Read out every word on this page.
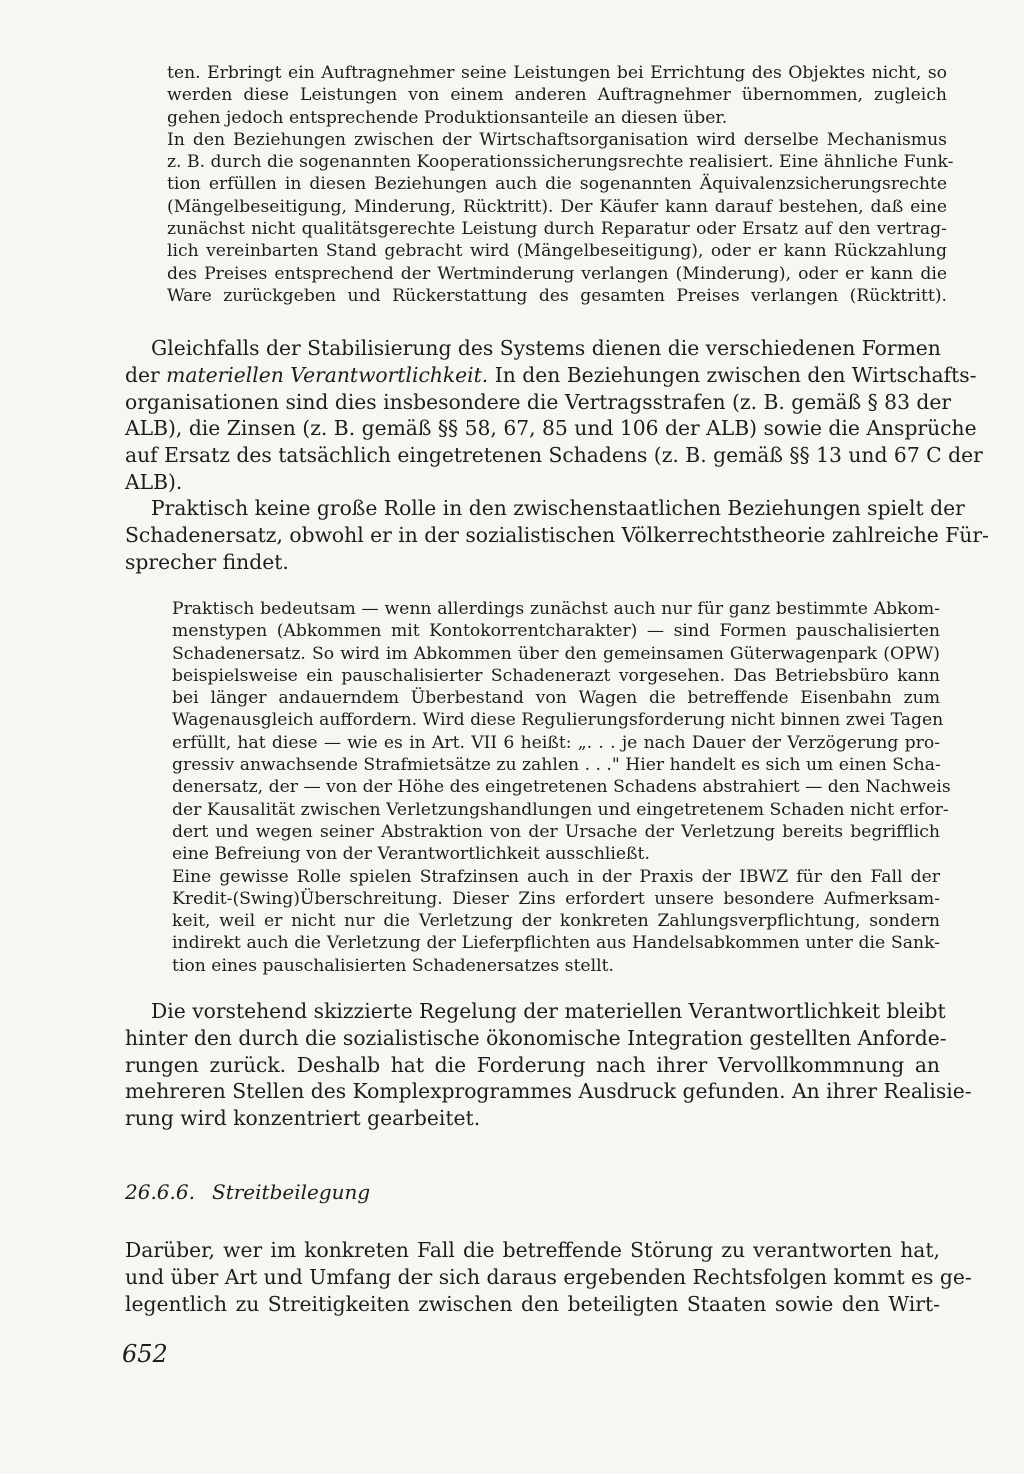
ten. Erbringt ein Auftragnehmer seine Leistungen bei Errichtung des Objektes nicht, so
werden diese Leistungen von einem anderen Auftragnehmer übernommen, zugleich
gehen jedoch entsprechende Produktionsanteile an diesen über.
In den Beziehungen zwischen der Wirtschaftsorganisation wird derselbe Mechanismus
z. B. durch die sogenannten Kooperationssicherungsrechte realisiert. Eine ähnliche Funk-
tion erfüllen in diesen Beziehungen auch die sogenannten Äquivalenzsicherungsrechte
(Mängelbeseitigung, Minderung, Rücktritt). Der Käufer kann darauf bestehen, daß eine
zunächst nicht qualitätsgerechte Leistung durch Reparatur oder Ersatz auf den vertrag-
lich vereinbarten Stand gebracht wird (Mängelbeseitigung), oder er kann Rückzahlung
des Preises entsprechend der Wertminderung verlangen (Minderung), oder er kann die
Ware zurückgeben und Rückerstattung des gesamten Preises verlangen (Rücktritt).
Gleichfalls der Stabilisierung des Systems dienen die verschiedenen Formen
der materiellen Verantwortlichkeit. In den Beziehungen zwischen den Wirtschafts-
organisationen sind dies insbesondere die Vertragsstrafen (z. B. gemäß § 83 der
ALB), die Zinsen (z. B. gemäß §§ 58, 67, 85 und 106 der ALB) sowie die Ansprüche
auf Ersatz des tatsächlich eingetretenen Schadens (z. B. gemäß §§ 13 und 67 C der
ALB).
Praktisch keine große Rolle in den zwischenstaatlichen Beziehungen spielt der
Schadenersatz, obwohl er in der sozialistischen Völkerrechtstheorie zahlreiche Für-
sprecher findet.
Praktisch bedeutsam — wenn allerdings zunächst auch nur für ganz bestimmte Abkom-
menstypen (Abkommen mit Kontokorrentcharakter) — sind Formen pauschalisierten
Schadenersatz. So wird im Abkommen über den gemeinsamen Güterwagenpark (OPW)
beispielsweise ein pauschalisierter Schadenerazt vorgesehen. Das Betriebsbüro kann
bei länger andauerndem Überbestand von Wagen die betreffende Eisenbahn zum
Wagenausgleich auffordern. Wird diese Regulierungsforderung nicht binnen zwei Tagen
erfüllt, hat diese — wie es in Art. VII 6 heißt: „. . . je nach Dauer der Verzögerung pro-
gressiv anwachsende Strafmietsätze zu zahlen . . ." Hier handelt es sich um einen Scha-
denersatz, der — von der Höhe des eingetretenen Schadens abstrahiert — den Nachweis
der Kausalität zwischen Verletzungshandlungen und eingetretenem Schaden nicht erfor-
dert und wegen seiner Abstraktion von der Ursache der Verletzung bereits begrifflich
eine Befreiung von der Verantwortlichkeit ausschließt.
Eine gewisse Rolle spielen Strafzinsen auch in der Praxis der IBWZ für den Fall der
Kredit-(Swing)Überschreitung. Dieser Zins erfordert unsere besondere Aufmerksam-
keit, weil er nicht nur die Verletzung der konkreten Zahlungsverpflichtung, sondern
indirekt auch die Verletzung der Lieferpflichten aus Handelsabkommen unter die Sank-
tion eines pauschalisierten Schadenersatzes stellt.
Die vorstehend skizzierte Regelung der materiellen Verantwortlichkeit bleibt
hinter den durch die sozialistische ökonomische Integration gestellten Anforde-
rungen zurück. Deshalb hat die Forderung nach ihrer Vervollkommnung an
mehreren Stellen des Komplexprogrammes Ausdruck gefunden. An ihrer Realisie-
rung wird konzentriert gearbeitet.
26.6.6. Streitbeilegung
Darüber, wer im konkreten Fall die betreffende Störung zu verantworten hat,
und über Art und Umfang der sich daraus ergebenden Rechtsfolgen kommt es ge-
legentlich zu Streitigkeiten zwischen den beteiligten Staaten sowie den Wirt-
652
